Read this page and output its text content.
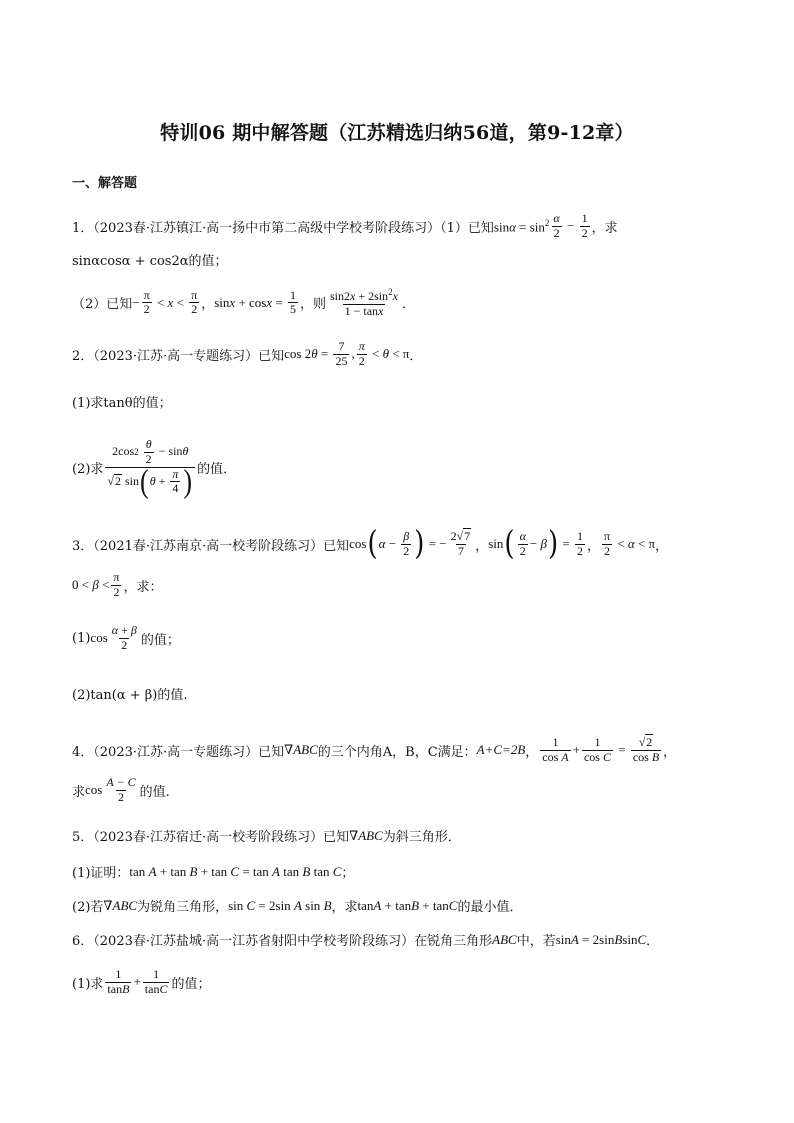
特训06 期中解答题（江苏精选归纳56道，第9-12章）
一、解答题
1．（2023春·江苏镇江·高一扬中市第二高级中学校考阶段练习）（1）已知 $\sin\alpha = \sin^2 \frac{\alpha}{2} - \frac{1}{2}$ ，求
sinαcosα + cos2α的值；
（2）已知 − $\frac{\pi}{2} < x < \frac{\pi}{2}$ ， $\sin x + \cos x = \frac{1}{5}$ ，则 $\frac{\sin 2x + 2\sin^2x}{1 - \tan x}$ ．
2．（2023·江苏·高一专题练习）已知 $\cos 2\theta = \frac{7}{25}$ , $\frac{\pi}{2} < \theta < \pi$ ．
(1)求tanθ的值；
(2)求 2cos 2
$\frac{\theta}{2} - \sin \theta$
√ 2 sin ( $\theta + \frac{\pi}{4}$ ) 的值．
3．（2021春·江苏南京·高一校考阶段练习）已知 cos ( $\alpha - \frac{\beta}{2}$ ) = − $\frac{2√7}{7}$ ， sin ( $\frac{\alpha}{2} - \beta$ ) = $\frac{1}{2}$ ， $\frac{\pi}{2} < \alpha < \pi$ ，
$0 < \beta < \frac{\pi}{2}$ ，求：
(1) $\cos \frac{\alpha + \beta}{2}$ 的值；
(2)tan(α + β)的值.
4．（2023·江苏·高一专题练习）已知 ∇ABC 的三个内角A，B，C满足： A+C=2B ， $\frac{1}{\text{cos A}} + \frac{1}{\text{cos C}} = \frac{√2}{\text{cos B}}$ ，
求 $\cos \frac{A - C}{2}$ 的值.
5．（2023春·江苏宿迁·高一校考阶段练习）已知 ∇ABC 为斜三角形．
(1)证明： tan A + tan B + tan C = tan A tan B tan C ；
(2)若 ∇ABC 为锐角三角形， sin C = 2sin A sin B ，求 tanA + tanB + tanC 的最小值．
6．（2023春·江苏盐城·高一江苏省射阳中学校考阶段练习）在锐角三角形 ABC 中，若 sinA = 2sinBsinC ．
(1)求 $\frac{1}{\tan B} + \frac{1}{\tan C}$ 的值；
